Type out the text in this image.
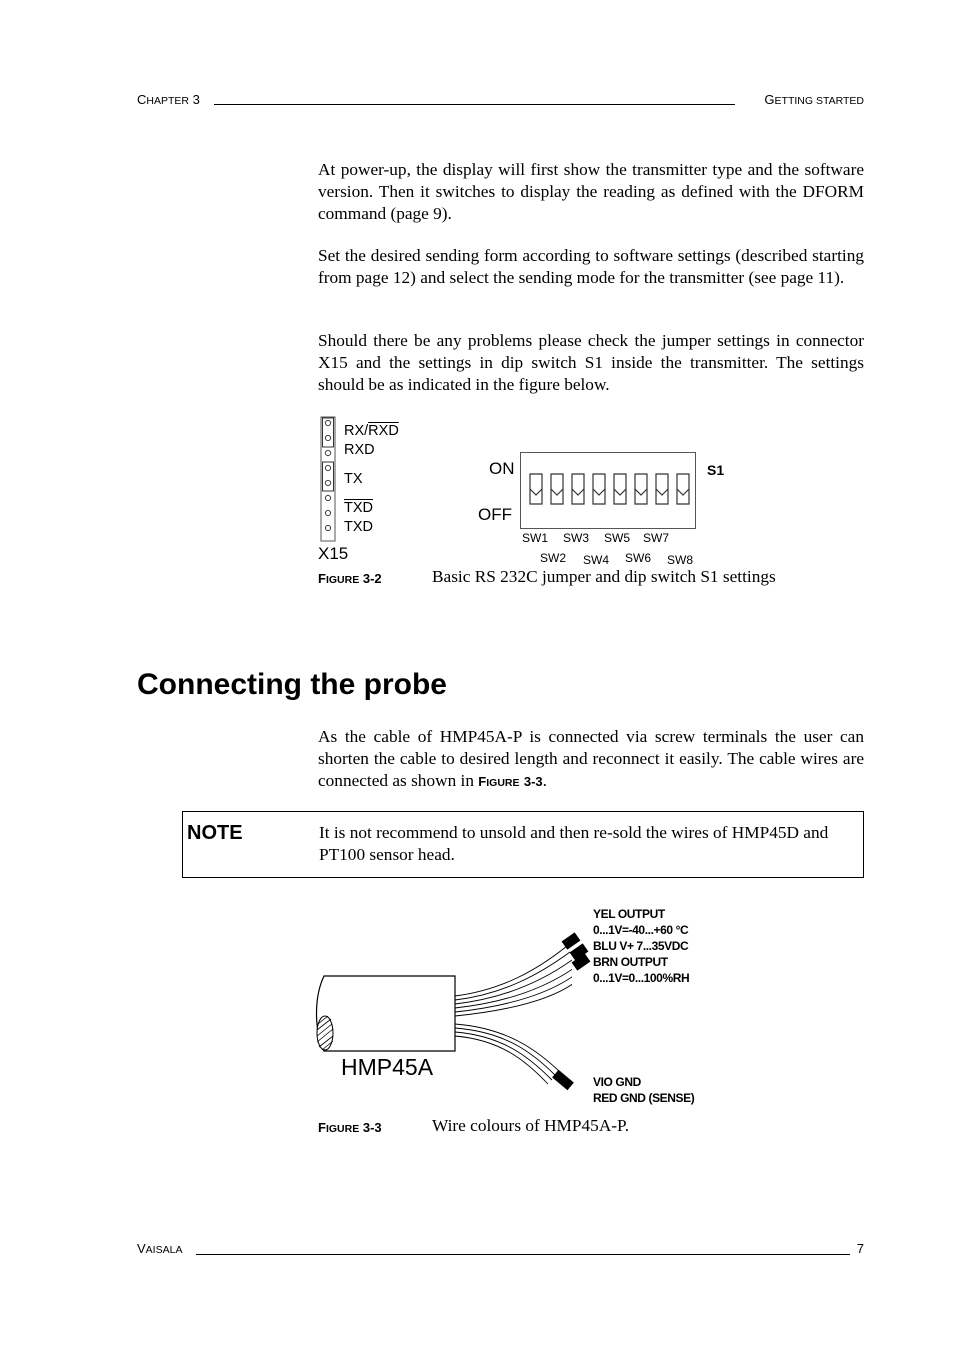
CHAPTER 3	GETTING STARTED
At power-up, the display will first show the transmitter type and the software version. Then it switches to display the reading as defined with the DFORM command (page 9).
Set the desired sending form according to software settings (described starting from page 12) and select the sending mode for the transmitter (see page 11).
Should there be any problems please check the jumper settings in connector X15 and the settings in dip switch S1 inside the transmitter. The settings should be as indicated in the figure below.
$RX/\overline{RXD}$
RXD
TX
$\overline{TXD}$
TXD
X15
ON
OFF
S1
SW1 SW3 SW5 SW7
SW2 SW4 SW6 SW8
FIGURE 3-2	Basic RS 232C jumper and dip switch S1 settings
Connecting the probe
As the cable of HMP45A-P is connected via screw terminals the user can shorten the cable to desired length and reconnect it easily. The cable wires are connected as shown in FIGURE 3-3.
NOTE	It is not recommend to unsold and then re-sold the wires of HMP45D and PT100 sensor head.
HMP45A
YEL OUTPUT
0...1V=-40...+60 °C
BLU V+ 7...35VDC
BRN OUTPUT
0...1V=0...100%RH
VIO GND
RED GND (SENSE)
FIGURE 3-3	Wire colours of HMP45A-P.
VAISALA	7
